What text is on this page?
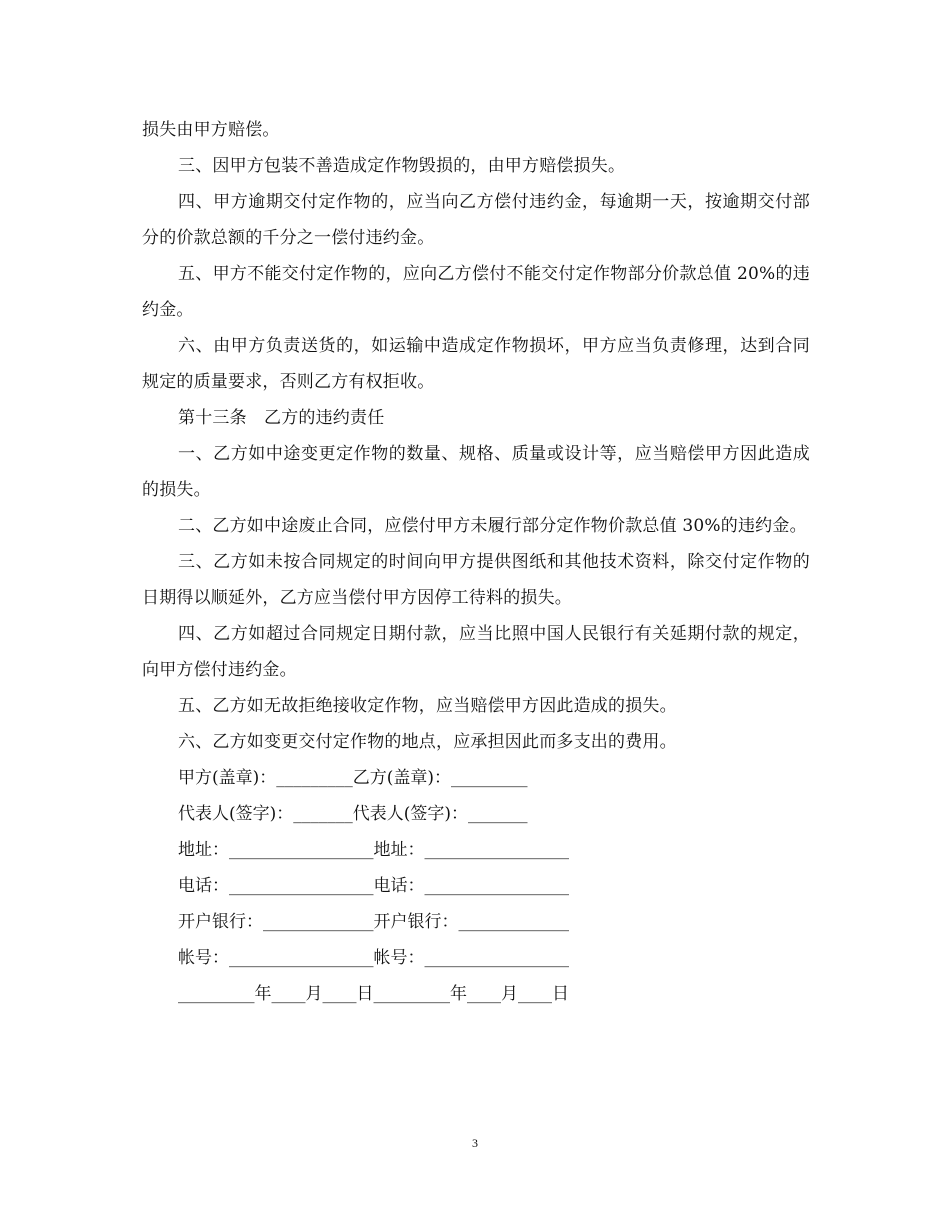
损失由甲方赔偿。

三、因甲方包装不善造成定作物毁损的，由甲方赔偿损失。

四、甲方逾期交付定作物的，应当向乙方偿付违约金，每逾期一天，按逾期交付部分的价款总额的千分之一偿付违约金。

五、甲方不能交付定作物的，应向乙方偿付不能交付定作物部分价款总值 20%的违约金。

六、由甲方负责送货的，如运输中造成定作物损坏，甲方应当负责修理，达到合同规定的质量要求，否则乙方有权拒收。

第十三条　乙方的违约责任

一、乙方如中途变更定作物的数量、规格、质量或设计等，应当赔偿甲方因此造成的损失。

二、乙方如中途废止合同，应偿付甲方未履行部分定作物价款总值 30%的违约金。

三、乙方如未按合同规定的时间向甲方提供图纸和其他技术资料，除交付定作物的日期得以顺延外，乙方应当偿付甲方因停工待料的损失。

四、乙方如超过合同规定日期付款，应当比照中国人民银行有关延期付款的规定，向甲方偿付违约金。

五、乙方如无故拒绝接收定作物，应当赔偿甲方因此造成的损失。

六、乙方如变更交付定作物的地点，应承担因此而多支出的费用。

甲方(盖章)：_________乙方(盖章)：_________

代表人(签字)：_______代表人(签字)：_______

地址：_________________地址：_________________

电话：_________________电话：_________________

开户银行：_____________开户银行：_____________

帐号：_________________帐号：_________________

_________年____月____日_________年____月____日

3
